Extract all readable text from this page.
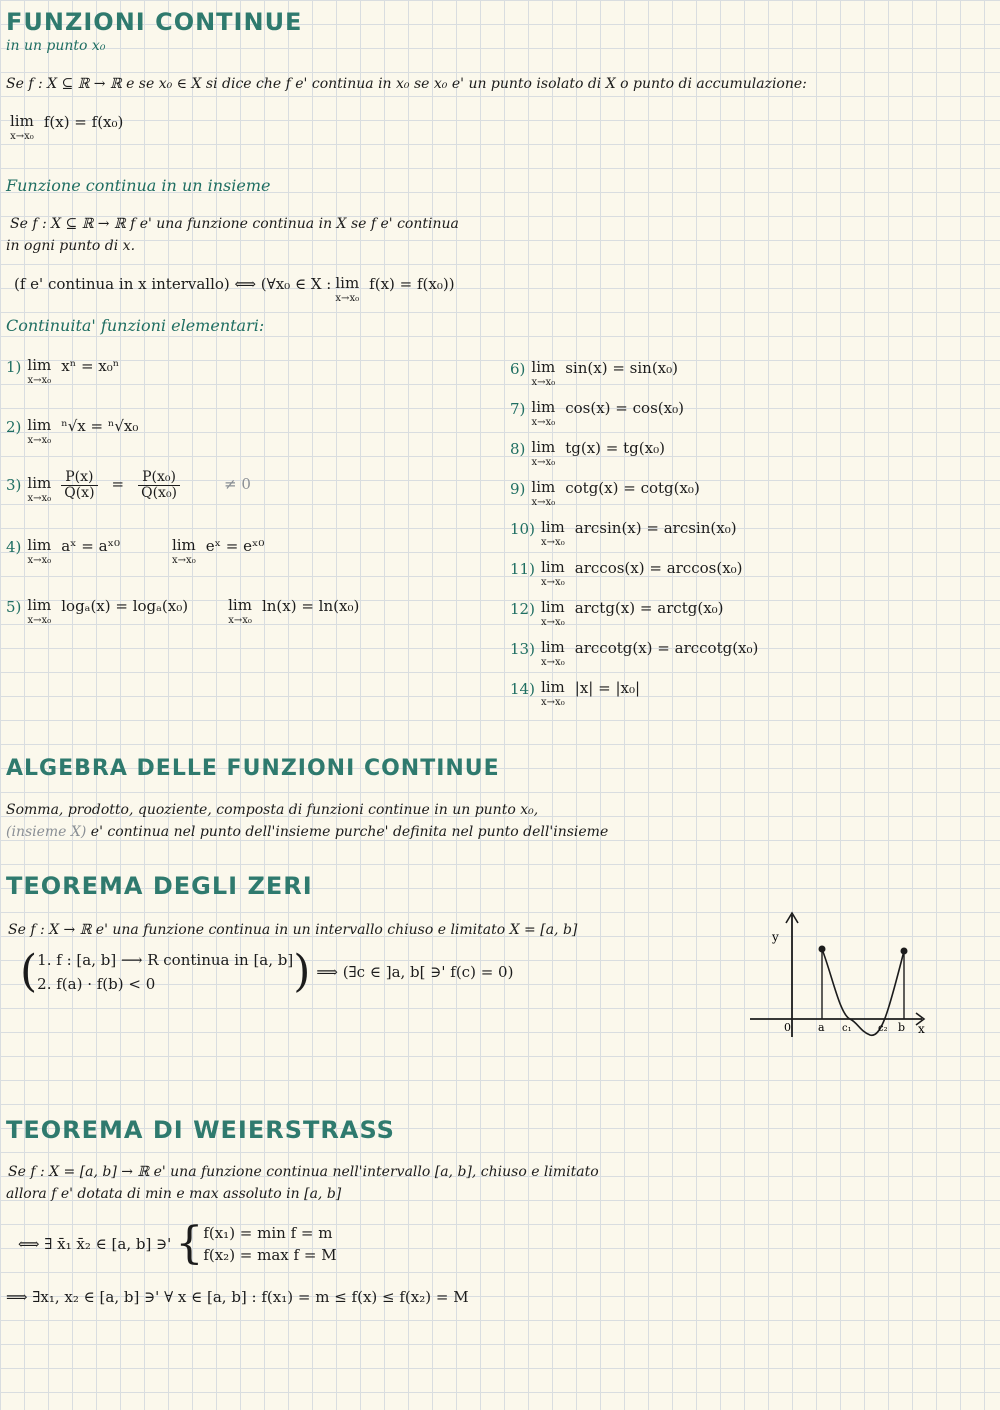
FUNZIONI CONTINUE
in un punto x₀
Se f : X ⊆ ℝ → ℝ e se x₀ ∈ X si dice che f e' continua in x₀ se x₀ e' un punto isolato di X o punto di accumulazione:
lim
x→x₀
f(x) = f(x₀)
Funzione continua in un insieme
Se f : X ⊆ ℝ → ℝ f e' una funzione continua in X se f e' continua
in ogni punto di x.
(f e' continua in x intervallo) ⟺ (∀x₀ ∈ X : lim
x→x₀
f(x) = f(x₀))
Continuita' funzioni elementari:
1) lim
x→x₀
xⁿ = x₀ⁿ
2) lim
x→x₀
ⁿ√x = ⁿ√x₀
3) lim
$x\to x_0 \frac{P(x)}{Q(x)} = \frac{\text{P(x₀)}}{\text{Q(x₀)}}$	≠ 0
4) lim
x→x₀
aˣ = aˣ⁰	lim
x→x₀
eˣ = eˣ⁰
5) lim
x→x₀
logₐ(x) = logₐ(x₀)	lim
x→x₀
ln(x) = ln(x₀)
6) lim
x→x₀
sin(x) = sin(x₀)
7) lim
x→x₀
cos(x) = cos(x₀)
8) lim
x→x₀
tg(x) = tg(x₀)
9) lim
x→x₀
cotg(x) = cotg(x₀)
10) lim
x→x₀
arcsin(x) = arcsin(x₀)
11) lim
x→x₀
arccos(x) = arccos(x₀)
12) lim
x→x₀
arctg(x) = arctg(x₀)
13) lim
x→x₀
arccotg(x) = arccotg(x₀)
14) lim
x→x₀
|x| = |x₀|
ALGEBRA DELLE FUNZIONI CONTINUE
Somma, prodotto, quoziente, composta di funzioni continue in un punto x₀,
(insieme X) e' continua nel punto dell'insieme purche' definita nel punto dell'insieme
TEOREMA DEGLI ZERI
Se f : X → ℝ e' una funzione continua in un intervallo chiuso e limitato X = [a, b]
( 1. f : [a, b] ⟶ R continua in [a, b]
2. f(a) · f(b) < 0	) ⟹ (∃c ∈ ]a, b[ ∋' f(c) = 0)
y
x
0 a c₁	c₂ b
TEOREMA DI WEIERSTRASS
Se f : X = [a, b] → ℝ e' una funzione continua nell'intervallo [a, b], chiuso e limitato
allora f e' dotata di min e max assoluto in [a, b]
⟺ ∃ x̄₁ x̄₂ ∈ [a, b] ∋' { f(x₁) = min f = m
f(x₂) = max f = M
⟹ ∃x₁, x₂ ∈ [a, b] ∋' ∀ x ∈ [a, b] : f(x₁) = m ≤ f(x) ≤ f(x₂) = M
